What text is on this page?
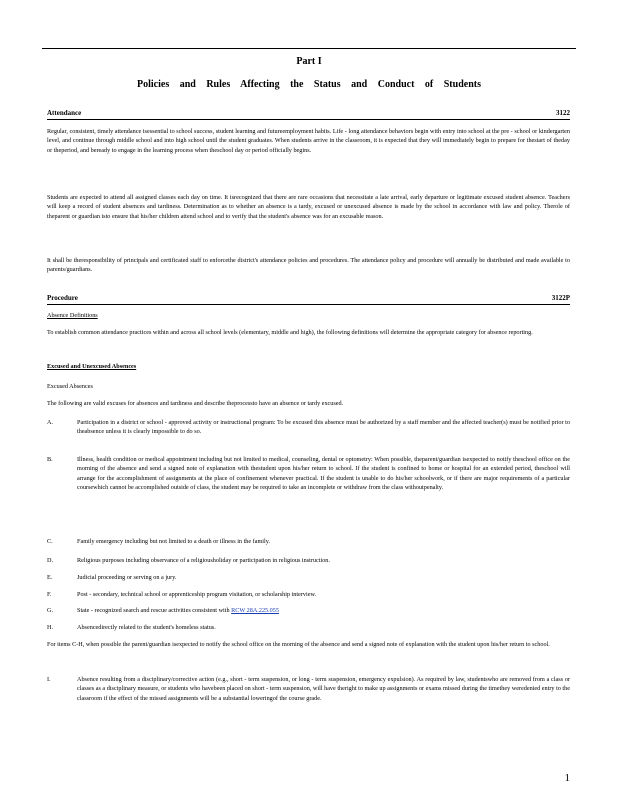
Part I
Policies and Rules Affecting the Status and Conduct of Students
Attendance	3122
Regular, consistent, timely attendance isessential to school success, student learning and futureemployment habits. Life - long attendance behaviors begin with entry into school at the pre - school or kindergarten level, and continue through middle school and into high school until the student graduates. When students arrive in the classroom, it is expected that they will immediately begin to prepare for thestart of theday or theperiod, and bеready to engage in the learning process when thеschool day or period officially begins.
Students are expected to attend all assigned classes each day on time. It isrecognized that there are rare occasions that necessitate a late arrival, early departure or legitimate excused student absence. Teachers will keep a record of student absences and tardiness. Determination as to whether an absence is a tardy, excused or unexcused absence is made by the school in accordance with law and policy. Therole of theparent or guardian isto ensure that his/her children attend school and to verify that the student's absence was for an excusable reason.
It shall be theresponsibility of principals and certificated staff to enforcethe district's attendance policies and procedures. The attendance policy and procedure will annually be distributed and made available to parents/guardians.
Procedure	3122P
Absence Definitions
To establish common attendance practices within and across all school levels (elementary, middle and high), the following definitions will determine the appropriate category for absence reporting.
Excused and Unexcused Absences
Excused Absences
The following are valid excuses for absences and tardiness and describe theprocessto have an absence or tardy excused.
A.	Participation in a district or school - approved activity or instructional program: To be excused this absence must be authorized by a staff member and the affected teacher(s) must be notified prior to theabsence unless it is clearly impossible to do so.
B.	Illness, health condition or medical appointment including but not limited to medical, counseling, dental or optometry: When possible, theparent/guardian isexpected to notify theschool office on the morning of the absence and send a signed note of explanation with thestudent upon his/her return to school. If the student is confined to home or hospital for an extended period, theschool will arrange for the accomplishment of assignments at the place of confinement whenever practical. If the student is unable to do his/her schoolwork, or if there are major requirements of a particular coursewhich cannot be accomplished outside of class, the student may be required to take an incomplete or withdraw from the class withoutpenalty.
C.	Family emergency including but not limited to a death or illness in the family.
D.	Religious purposes including observance of a religiousholiday or participation in religious instruction.
E.	Judicial proceeding or serving on a jury.
F.	Post - secondary, technical school or apprenticeship program visitation, or scholarship interview.
G.	State - recognized search and rescue activities consistent with RCW 28A.225.055
H.	Absencedirectly related to the student's homeless status.
For items C-H, when possible the parent/guardian isexpected to notify the school office on the morning of the absence and send a signed note of explanation with the student upon his/her return to school.
I.	Absence resulting from a disciplinary/corrective action (e.g., short - term suspension, or long - term suspension, emergency expulsion). As required by law, studentswho are removed from a class or classes as a disciplinary measure, or students who havebeen placed on short - term suspension, will have theright to make up assignments or exams missed during the timethey weredenied entry to the classroom if the effect of the missed assignments will be a substantial loweringof the course grade.
1
